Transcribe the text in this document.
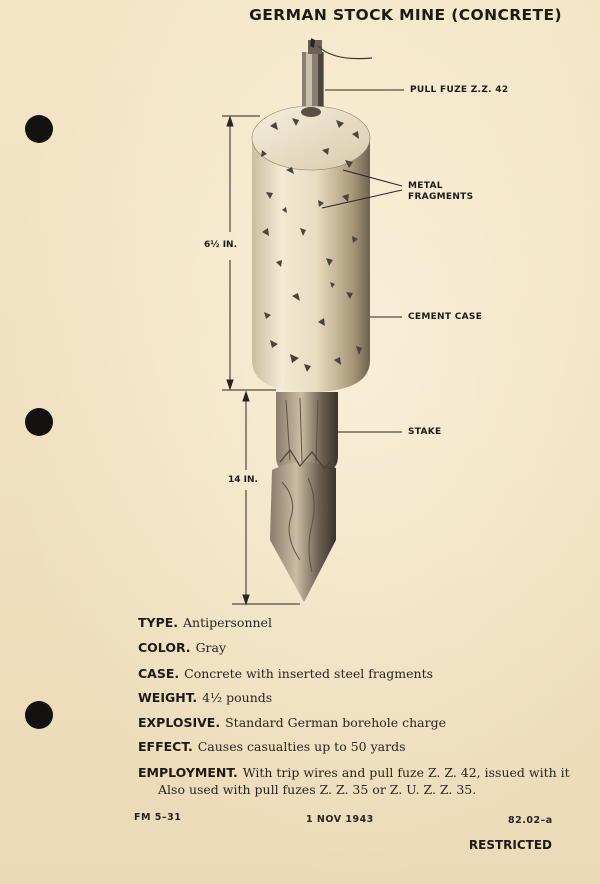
GERMAN STOCK MINE (CONCRETE)
PULL FUZE Z.Z. 42
METAL
FRAGMENTS
CEMENT CASE
STAKE
6½ IN.
14 IN.
TYPE. Antipersonnel
COLOR. Gray
CASE. Concrete with inserted steel fragments
WEIGHT. 4½ pounds
EXPLOSIVE. Standard German borehole charge
EFFECT. Causes casualties up to 50 yards
EMPLOYMENT. With trip wires and pull fuze Z. Z. 42, issued with it
Also used with pull fuzes Z. Z. 35 or Z. U. Z. Z. 35.
FM 5–31	1 NOV 1943	82.02–a
RESTRICTED
